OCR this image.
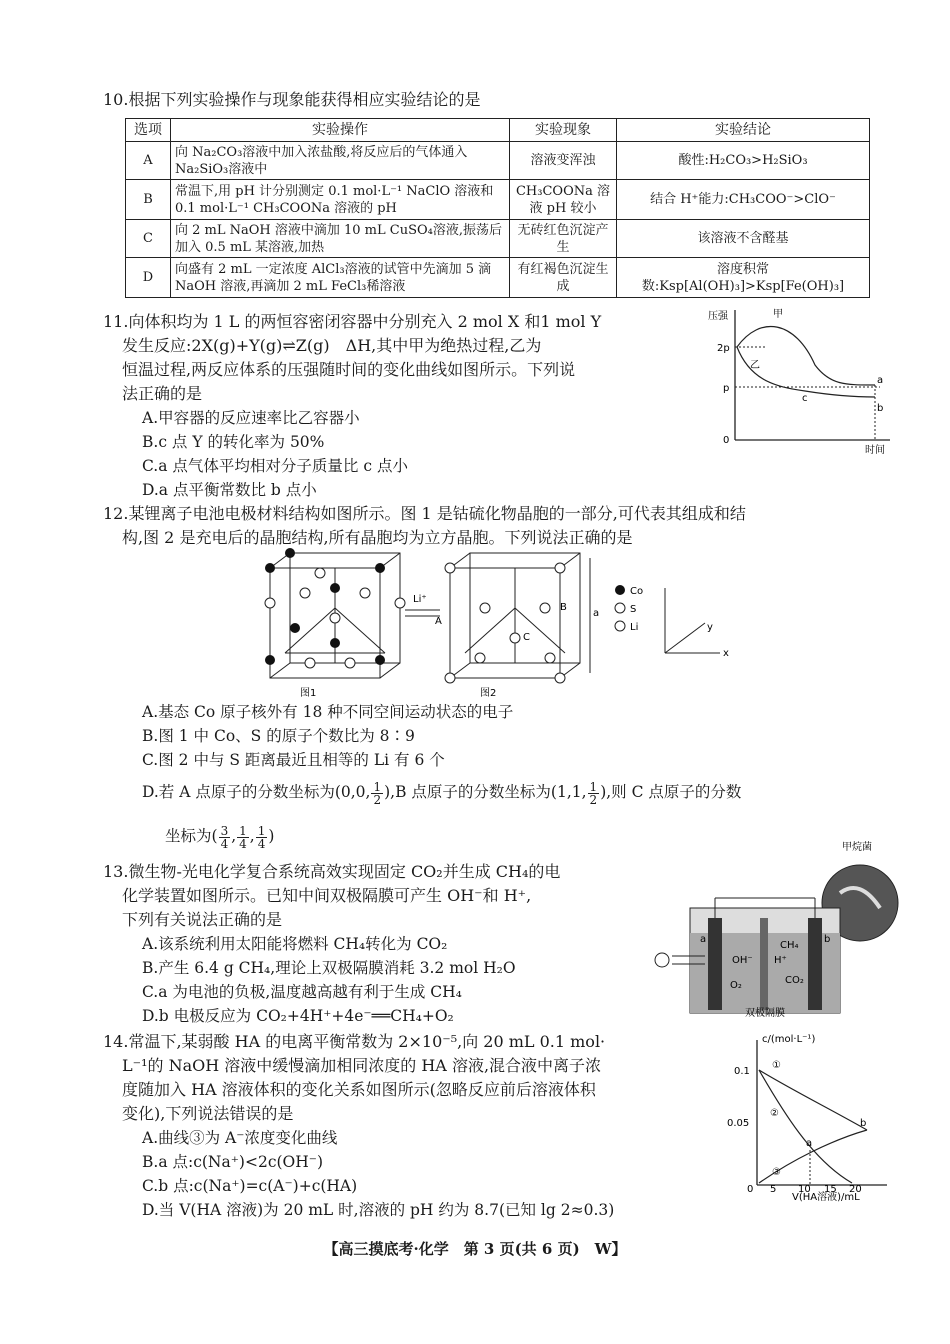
10.根据下列实验操作与现象能获得相应实验结论的是
选项	实验操作	实验现象	实验结论
A	向 Na₂CO₃溶液中加入浓盐酸,将反应后的气体通入 Na₂SiO₃溶液中	溶液变浑浊	酸性:H₂CO₃>H₂SiO₃
B	常温下,用 pH 计分别测定 0.1 mol·L⁻¹ NaClO 溶液和 0.1 mol·L⁻¹ CH₃COONa 溶液的 pH	CH₃COONa 溶液 pH 较小	结合 H⁺能力:CH₃COO⁻>ClO⁻
C	向 2 mL NaOH 溶液中滴加 10 mL CuSO₄溶液,振荡后加入 0.5 mL 某溶液,加热	无砖红色沉淀产生	该溶液不含醛基
D	向盛有 2 mL 一定浓度 AlCl₃溶液的试管中先滴加 5 滴 NaOH 溶液,再滴加 2 mL FeCl₃稀溶液	有红褐色沉淀生成	溶度积常数:Ksp[Al(OH)₃]>Ksp[Fe(OH)₃]
11.向体积均为 1 L 的两恒容密闭容器中分别充入 2 mol X 和1 mol Y
发生反应:2X(g)+Y(g)⇌Z(g)　ΔH,其中甲为绝热过程,乙为
恒温过程,两反应体系的压强随时间的变化曲线如图所示。下列说
法正确的是
A.甲容器的反应速率比乙容器小
B.c 点 Y 的转化率为 50%
C.a 点气体平均相对分子质量比 c 点小
D.a 点平衡常数比 b 点小
压强
时间
2p
p
0
甲
乙
a
b
c
12.某锂离子电池电极材料结构如图所示。图 1 是钴硫化物晶胞的一部分,可代表其组成和结
构,图 2 是充电后的晶胞结构,所有晶胞均为立方晶胞。下列说法正确的是
图1
Li⁺
A
B
C
a
图2
Co
S
Li	y
x
A.基态 Co 原子核外有 18 种不同空间运动状态的电子
B.图 1 中 Co、S 的原子个数比为 8∶9
C.图 2 中与 S 距离最近且相等的 Li 有 6 个
D.若 A 点原子的分数坐标为(0,0, $\frac{1}{2} ),B$ 点原子的分数坐标为(1,1, $\frac{1}{2}$ ),则 C 点原子的分数
坐标为( $\frac{3}{4}$ , $\frac{1}{4}$ , $\frac{1}{4}$ )
13.微生物-光电化学复合系统高效实现固定 CO₂并生成 CH₄的电
化学装置如图所示。已知中间双极隔膜可产生 OH⁻和 H⁺,
下列有关说法正确的是
A.该系统利用太阳能将燃料 CH₄转化为 CO₂
B.产生 6.4 g CH₄,理论上双极隔膜消耗 3.2 mol H₂O
C.a 为电池的负极,温度越高越有利于生成 CH₄
D.b 电极反应为 CO₂+4H⁺+4e⁻══CH₄+O₂
甲烷菌
a	b
OH⁻ H⁺
CO₂
CH₄
O₂
双极隔膜
14.常温下,某弱酸 HA 的电离平衡常数为 2×10⁻⁵,向 20 mL 0.1 mol·
L⁻¹的 NaOH 溶液中缓慢滴加相同浓度的 HA 溶液,混合液中离子浓
度随加入 HA 溶液体积的变化关系如图所示(忽略反应前后溶液体积
变化),下列说法错误的是
A.曲线③为 A⁻浓度变化曲线
B.a 点:c(Na⁺)<2c(OH⁻)
C.b 点:c(Na⁺)=c(A⁻)+c(HA)
D.当 V(HA 溶液)为 20 mL 时,溶液的 pH 约为 8.7(已知 lg 2≈0.3)
c/(mol·L⁻¹)
V(HA溶液)/mL
0.1
0.05
0 5 10 15 20
①
②
③
a
b
【高三摸底考·化学　第 3 页(共 6 页)　W】
